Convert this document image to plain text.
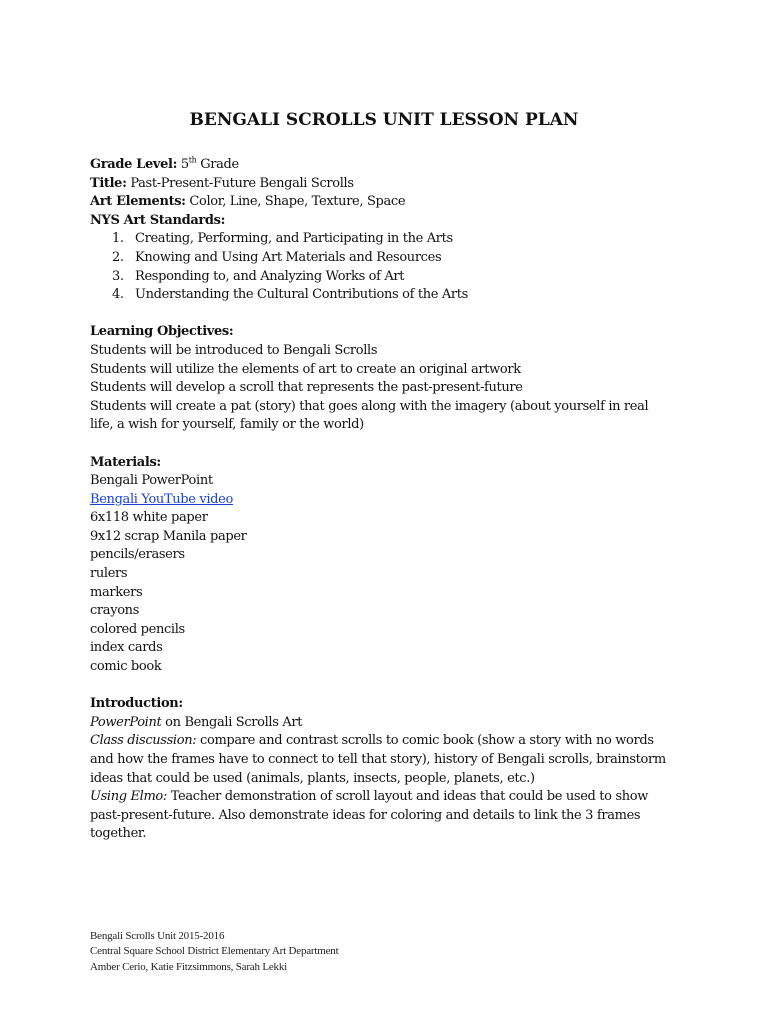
BENGALI SCROLLS UNIT LESSON PLAN
Grade Level: 5th Grade
Title: Past-Present-Future Bengali Scrolls
Art Elements: Color, Line, Shape, Texture, Space
NYS Art Standards:
1. Creating, Performing, and Participating in the Arts
2. Knowing and Using Art Materials and Resources
3. Responding to, and Analyzing Works of Art
4. Understanding the Cultural Contributions of the Arts
Learning Objectives:
Students will be introduced to Bengali Scrolls
Students will utilize the elements of art to create an original artwork
Students will develop a scroll that represents the past-present-future
Students will create a pat (story) that goes along with the imagery (about yourself in real life, a wish for yourself, family or the world)
Materials:
Bengali PowerPoint
Bengali YouTube video
6x118 white paper
9x12 scrap Manila paper
pencils/erasers
rulers
markers
crayons
colored pencils
index cards
comic book
Introduction:
PowerPoint on Bengali Scrolls Art
Class discussion: compare and contrast scrolls to comic book (show a story with no words and how the frames have to connect to tell that story), history of Bengali scrolls, brainstorm ideas that could be used (animals, plants, insects, people, planets, etc.)
Using Elmo: Teacher demonstration of scroll layout and ideas that could be used to show past-present-future. Also demonstrate ideas for coloring and details to link the 3 frames together.
Bengali Scrolls Unit 2015-2016
Central Square School District Elementary Art Department
Amber Cerio, Katie Fitzsimmons, Sarah Lekki
